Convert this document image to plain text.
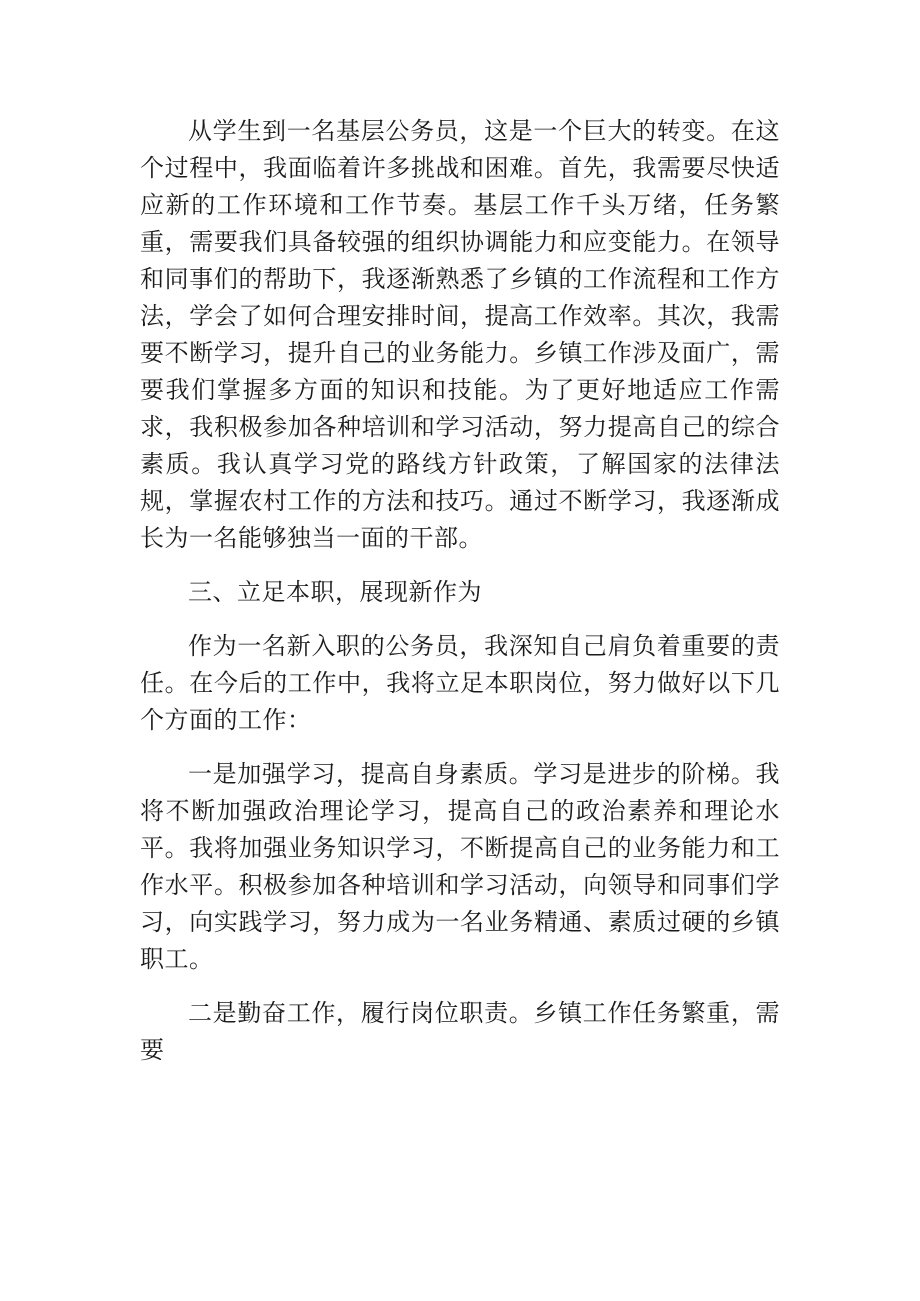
从学生到一名基层公务员，这是一个巨大的转变。在这个过程中，我面临着许多挑战和困难。首先，我需要尽快适应新的工作环境和工作节奏。基层工作千头万绪，任务繁重，需要我们具备较强的组织协调能力和应变能力。在领导和同事们的帮助下，我逐渐熟悉了乡镇的工作流程和工作方法，学会了如何合理安排时间，提高工作效率。其次，我需要不断学习，提升自己的业务能力。乡镇工作涉及面广，需要我们掌握多方面的知识和技能。为了更好地适应工作需求，我积极参加各种培训和学习活动，努力提高自己的综合素质。我认真学习党的路线方针政策，了解国家的法律法规，掌握农村工作的方法和技巧。通过不断学习，我逐渐成长为一名能够独当一面的干部。

三、立足本职，展现新作为

作为一名新入职的公务员，我深知自己肩负着重要的责任。在今后的工作中，我将立足本职岗位，努力做好以下几个方面的工作：

一是加强学习，提高自身素质。学习是进步的阶梯。我将不断加强政治理论学习，提高自己的政治素养和理论水平。我将加强业务知识学习，不断提高自己的业务能力和工作水平。积极参加各种培训和学习活动，向领导和同事们学习，向实践学习，努力成为一名业务精通、素质过硬的乡镇职工。

二是勤奋工作，履行岗位职责。乡镇工作任务繁重，需要
